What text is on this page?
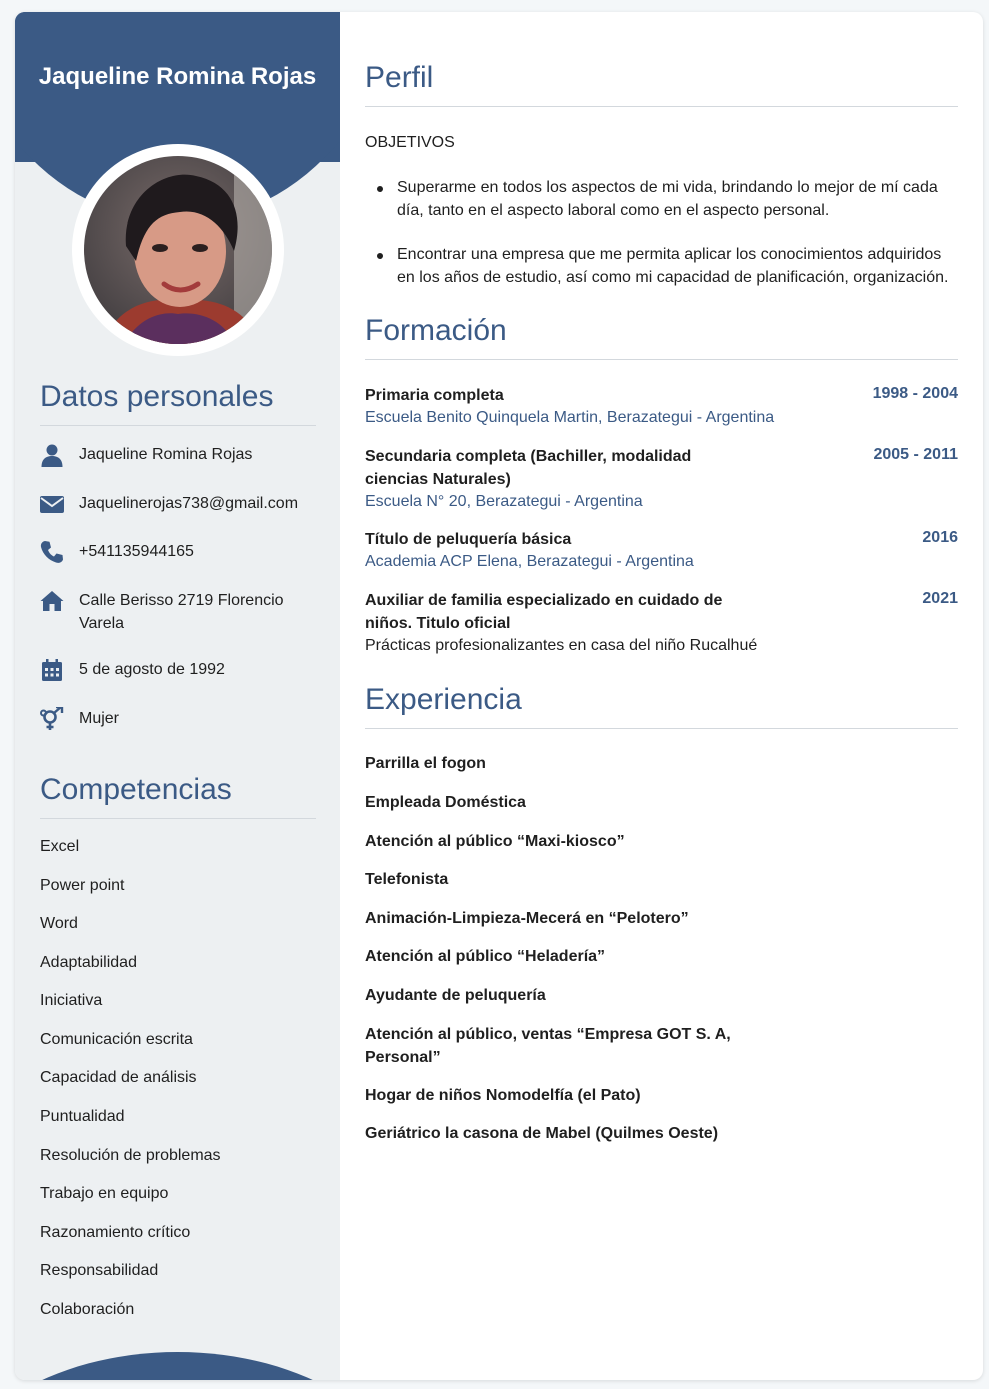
Jaqueline Romina Rojas
Datos personales
Jaqueline Romina Rojas
Jaquelinerojas738@gmail.com
+541135944165
Calle Berisso 2719 Florencio Varela
5 de agosto de 1992
Mujer
Competencias
Excel
Power point
Word
Adaptabilidad
Iniciativa
Comunicación escrita
Capacidad de análisis
Puntualidad
Resolución de problemas
Trabajo en equipo
Razonamiento crítico
Responsabilidad
Colaboración
Perfil
OBJETIVOS
Superarme en todos los aspectos de mi vida, brindando lo mejor de mí cada día, tanto en el aspecto laboral como en el aspecto personal.
Encontrar una empresa que me permita aplicar los conocimientos adquiridos en los años de estudio, así como mi capacidad de planificación, organización.
Formación
Primaria completa	1998 - 2004
Escuela Benito Quinquela Martin, Berazategui - Argentina
Secundaria completa (Bachiller, modalidad ciencias Naturales)
2005 - 2011
Escuela N° 20, Berazategui - Argentina
Título de peluquería básica	2016
Academia ACP Elena, Berazategui - Argentina
Auxiliar de familia especializado en cuidado de niños. Titulo oficial
2021
Prácticas profesionalizantes en casa del niño Rucalhué
Experiencia
Parrilla el fogon
Empleada Doméstica
Atención al público “Maxi-kiosco”
Telefonista
Animación-Limpieza-Mecerá en “Pelotero”
Atención al público “Heladería”
Ayudante de peluquería
Atención al público, ventas “Empresa GOT S. A, Personal”
Hogar de niños Nomodelfía (el Pato)
Geriátrico la casona de Mabel (Quilmes Oeste)
